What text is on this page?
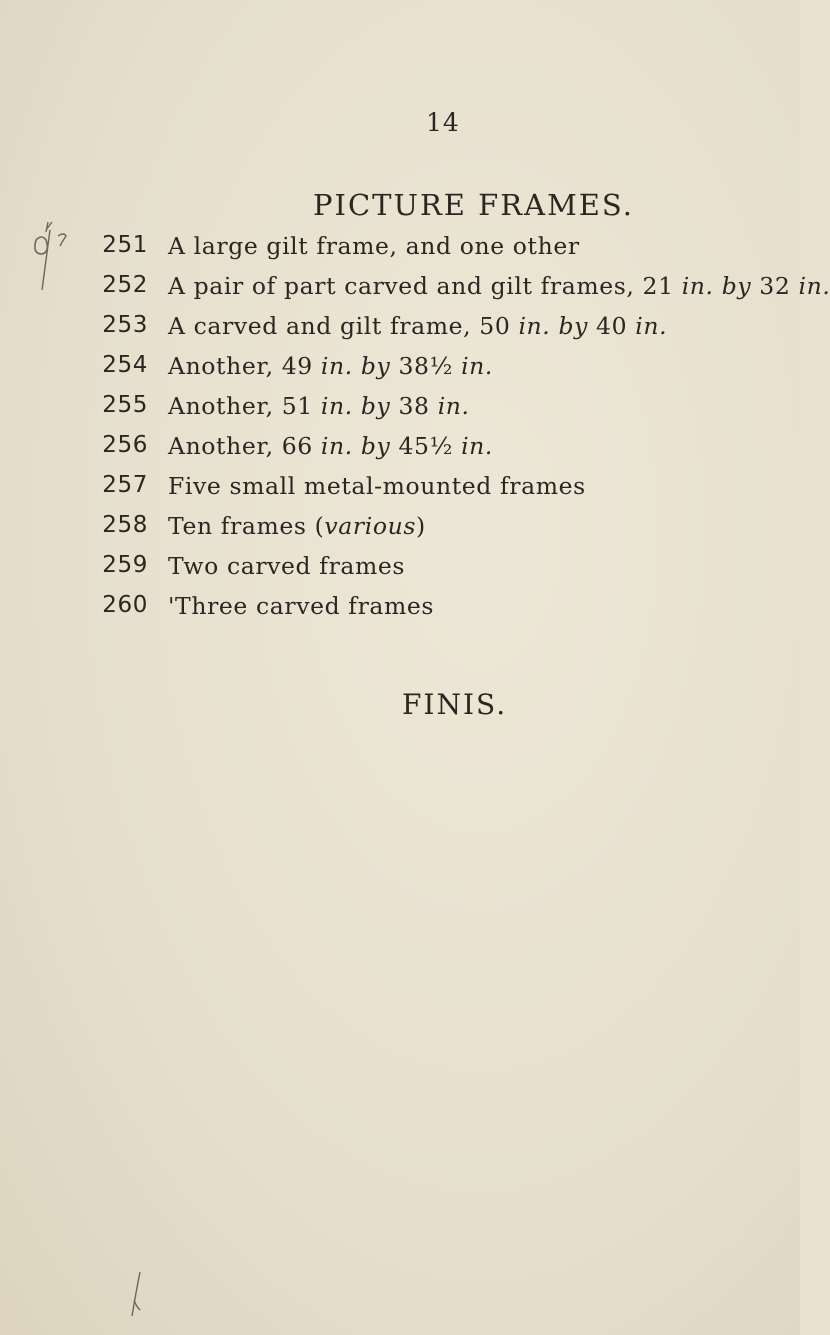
14
PICTURE FRAMES.
251 A large gilt frame, and one other
252 A pair of part carved and gilt frames, 21 in. by 32 in.
253 A carved and gilt frame, 50 in. by 40 in.
254 Another, 49 in. by 38½ in.
255 Another, 51 in. by 38 in.
256 Another, 66 in. by 45½ in.
257 Five small metal-mounted frames
258 Ten frames (various)
259 Two carved frames
260 'Three carved frames
FINIS.
